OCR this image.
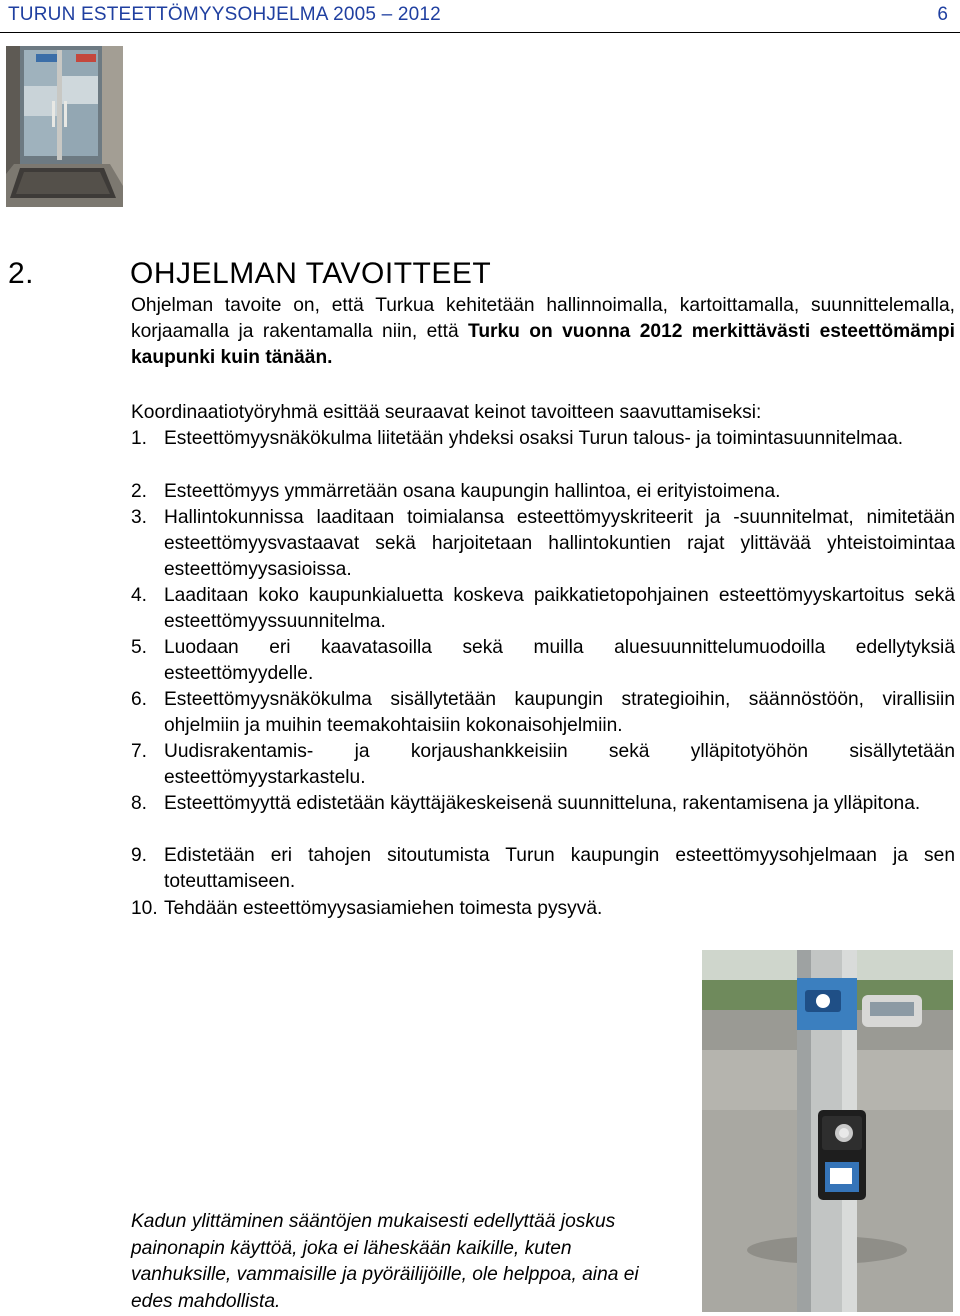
TURUN ESTEETTÖMYYSOHJELMA 2005 – 2012	6
2.	OHJELMAN TAVOITTEET

Ohjelman tavoite on, että Turkua kehitetään hallinnoimalla, kartoittamalla, suunnittelemalla, korjaamalla ja rakentamalla niin, että Turku on vuonna 2012 merkittävästi esteettömämpi kaupunki kuin tänään.

Koordinaatiotyöryhmä esittää seuraavat keinot tavoitteen saavuttamiseksi:

1. Esteettömyysnäkökulma liitetään yhdeksi osaksi Turun talous- ja toimintasuunnitelmaa.
2. Esteettömyys ymmärretään osana kaupungin hallintoa, ei erityistoimena.
3. Hallintokunnissa laaditaan toimialansa esteettömyyskriteerit ja -suunnitelmat, nimitetään esteettömyysvastaavat sekä harjoitetaan hallintokuntien rajat ylittävää yhteistoimintaa esteettömyysasioissa.
4. Laaditaan koko kaupunkialuetta koskeva paikkatietopohjainen esteettömyyskartoitus sekä esteettömyyssuunnitelma.
5. Luodaan eri kaavatasoilla sekä muilla aluesuunnittelumuodoilla edellytyksiä esteettömyydelle.
6. Esteettömyysnäkökulma sisällytetään kaupungin strategioihin, säännöstöön, virallisiin ohjelmiin ja muihin teemakohtaisiin kokonaisohjelmiin.
7. Uudisrakentamis- ja korjaushankkeisiin sekä ylläpitotyöhön sisällytetään esteettömyystarkastelu.
8. Esteettömyyttä edistetään käyttäjäkeskeisenä suunnitteluna, rakentamisena ja ylläpitona.
9. Edistetään eri tahojen sitoutumista Turun kaupungin esteettömyysohjelmaan ja sen toteuttamiseen.
10. Tehdään esteettömyysasiamiehen toimesta pysyvä.

Kadun ylittäminen sääntöjen mukaisesti edellyttää joskus painonapin käyttöä, joka ei läheskään kaikille, kuten vanhuksille, vammaisille ja pyöräilijöille, ole helppoa, aina ei edes mahdollista.
